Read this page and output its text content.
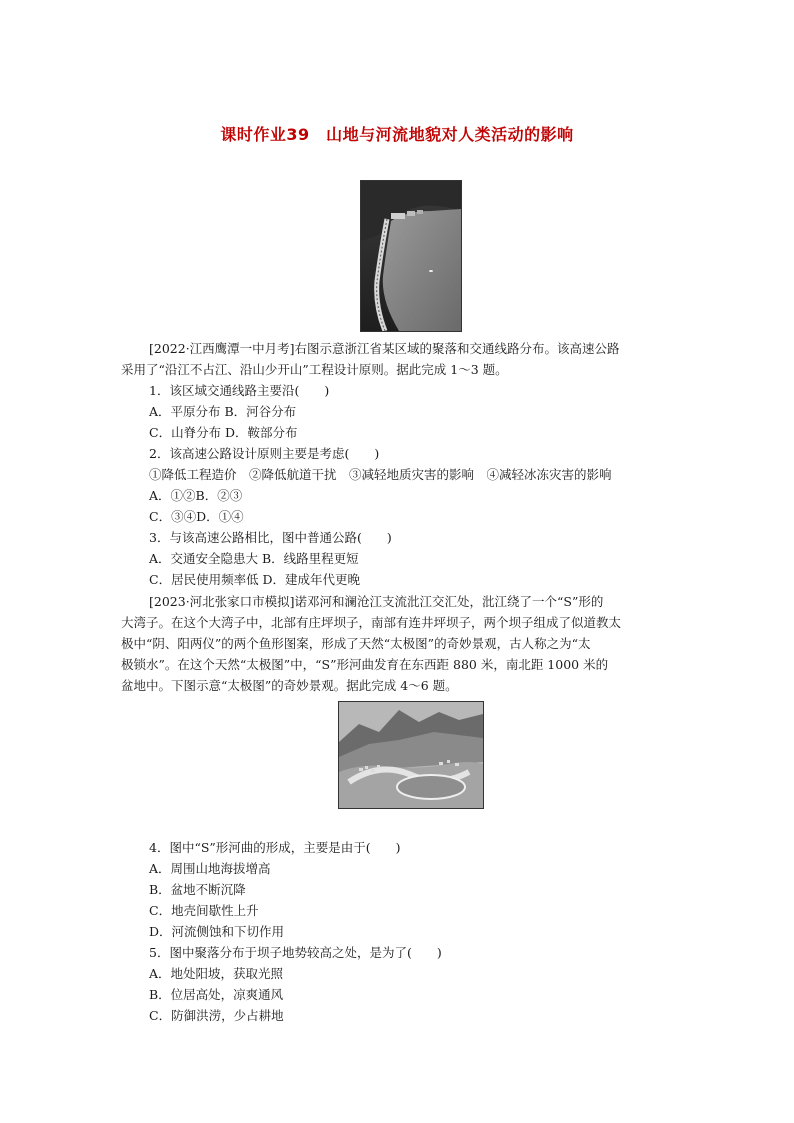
课时作业39　山地与河流地貌对人类活动的影响
[2022·江西鹰潭一中月考]右图示意浙江省某区域的聚落和交通线路分布。该高速公路
采用了“沿江不占江、沿山少开山”工程设计原则。据此完成 1～3 题。
1．该区域交通线路主要沿(　　)
A．平原分布 B．河谷分布
C．山脊分布 D．鞍部分布
2．该高速公路设计原则主要是考虑(　　)
①降低工程造价　②降低航道干扰　③减轻地质灾害的影响　④减轻冰冻灾害的影响
A．①②B．②③
C．③④D．①④
3．与该高速公路相比，图中普通公路(　　)
A．交通安全隐患大 B．线路里程更短
C．居民使用频率低 D．建成年代更晚
[2023·河北张家口市模拟]诺邓河和澜沧江支流沘江交汇处，沘江绕了一个“S”形的
大湾子。在这个大湾子中，北部有庄坪坝子，南部有连井坪坝子，两个坝子组成了似道教太
极中“阴、阳两仪”的两个鱼形图案，形成了天然“太极图”的奇妙景观，古人称之为“太
极锁水”。在这个天然“太极图”中，“S”形河曲发育在东西距 880 米，南北距 1000 米的
盆地中。下图示意“太极图”的奇妙景观。据此完成 4～6 题。
4．图中“S”形河曲的形成，主要是由于(　　)
A．周围山地海拔增高
B．盆地不断沉降
C．地壳间歇性上升
D．河流侧蚀和下切作用
5．图中聚落分布于坝子地势较高之处，是为了(　　)
A．地处阳坡，获取光照
B．位居高处，凉爽通风
C．防御洪涝，少占耕地
